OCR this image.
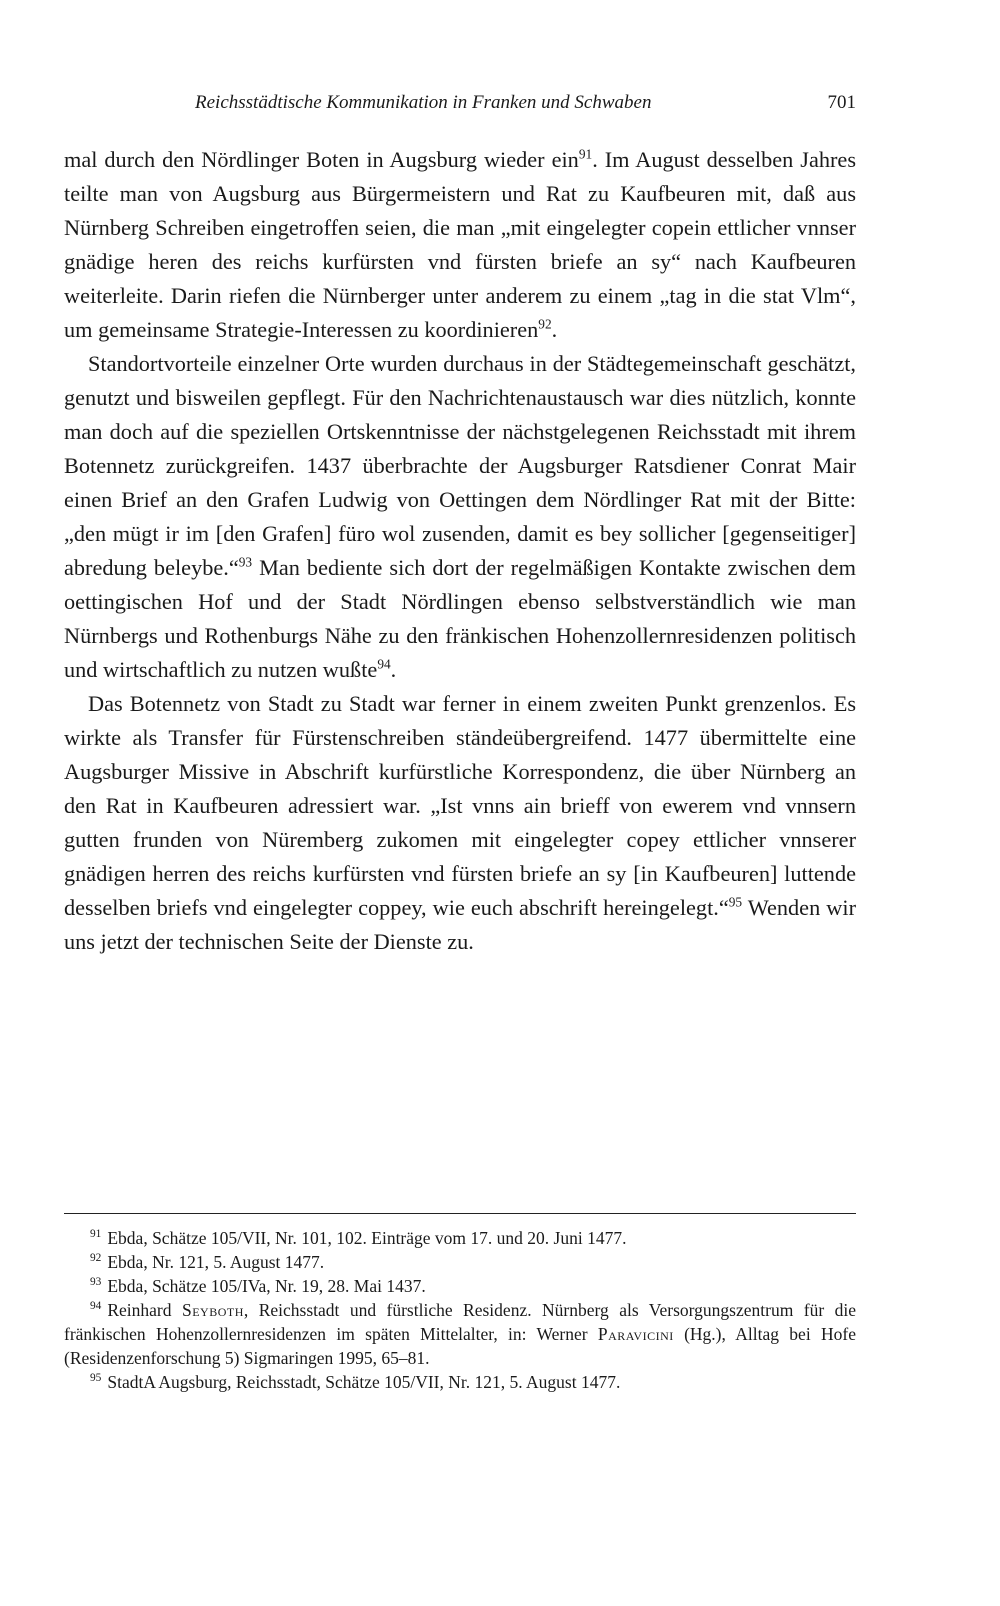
Reichsstädtische Kommunikation in Franken und Schwaben	701

mal durch den Nördlinger Boten in Augsburg wieder ein$^{91}$. Im August desselben Jahres teilte man von Augsburg aus Bürgermeistern und Rat zu Kaufbeuren mit, daß aus Nürnberg Schreiben eingetroffen seien, die man „mit eingelegter copein ettlicher vnnser gnädige heren des reichs kurfürsten vnd fürsten briefe an sy“ nach Kaufbeuren weiterleite. Darin riefen die Nürnberger unter anderem zu einem „tag in die stat Vlm“, um gemeinsame Strategie-Interessen zu koordinieren$^{92}$.

Standortvorteile einzelner Orte wurden durchaus in der Städtegemeinschaft geschätzt, genutzt und bisweilen gepflegt. Für den Nachrichtenaustausch war dies nützlich, konnte man doch auf die speziellen Ortskenntnisse der nächstgelegenen Reichsstadt mit ihrem Botennetz zurückgreifen. 1437 überbrachte der Augsburger Ratsdiener Conrat Mair einen Brief an den Grafen Ludwig von Oettingen dem Nördlinger Rat mit der Bitte: „den mügt ir im [den Grafen] füro wol zusenden, damit es bey sollicher [gegenseitiger] abredung beleybe.“$^{93}$ Man bediente sich dort der regelmäßigen Kontakte zwischen dem oettingischen Hof und der Stadt Nördlingen ebenso selbstverständlich wie man Nürnbergs und Rothenburgs Nähe zu den fränkischen Hohenzollernresidenzen politisch und wirtschaftlich zu nutzen wußte$^{94}$.

Das Botennetz von Stadt zu Stadt war ferner in einem zweiten Punkt grenzenlos. Es wirkte als Transfer für Fürstenschreiben ständeübergreifend. 1477 übermittelte eine Augsburger Missive in Abschrift kurfürstliche Korrespondenz, die über Nürnberg an den Rat in Kaufbeuren adressiert war. „Ist vnns ain brieff von ewerem vnd vnnsern gutten frunden von Nüremberg zukomen mit eingelegter copey ettlicher vnnserer gnädigen herren des reichs kurfürsten vnd fürsten briefe an sy [in Kaufbeuren] luttende desselben briefs vnd eingelegter coppey, wie euch abschrift hereingelegt.“$^{95}$ Wenden wir uns jetzt der technischen Seite der Dienste zu.

$^{91}$ Ebda, Schätze 105/VII, Nr. 101, 102. Einträge vom 17. und 20. Juni 1477.

$^{92}$ Ebda, Nr. 121, 5. August 1477.

$^{93}$ Ebda, Schätze 105/IVa, Nr. 19, 28. Mai 1437.

$^{94}$ Reinhard Seyboth, Reichsstadt und fürstliche Residenz. Nürnberg als Versorgungszentrum für die fränkischen Hohenzollernresidenzen im späten Mittelalter, in: Werner Paravicini (Hg.), Alltag bei Hofe (Residenzenforschung 5) Sigmaringen 1995, 65–81.

$^{95}$ StadtA Augsburg, Reichsstadt, Schätze 105/VII, Nr. 121, 5. August 1477.
